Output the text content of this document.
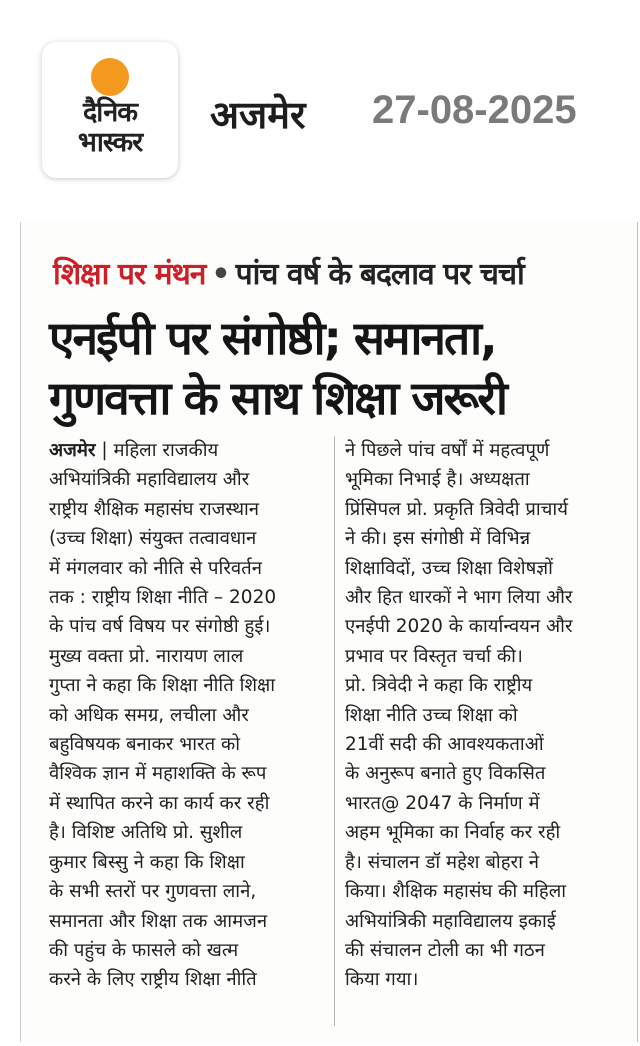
दैनिक
भास्कर
अजमेर 27-08-2025
शिक्षा पर मंथन • पांच वर्ष के बदलाव पर चर्चा
एनईपी पर संगोष्ठी; समानता,
गुणवत्ता के साथ शिक्षा जरूरी
अजमेर | महिला राजकीय
अभियांत्रिकी महाविद्यालय और
राष्ट्रीय शैक्षिक महासंघ राजस्थान
(उच्च शिक्षा) संयुक्त तत्वावधान
में मंगलवार को नीति से परिवर्तन
तक : राष्ट्रीय शिक्षा नीति – 2020
के पांच वर्ष विषय पर संगोष्ठी हुई।
मुख्य वक्ता प्रो. नारायण लाल
गुप्ता ने कहा कि शिक्षा नीति शिक्षा
को अधिक समग्र, लचीला और
बहुविषयक बनाकर भारत को
वैश्विक ज्ञान में महाशक्ति के रूप
में स्थापित करने का कार्य कर रही
है। विशिष्ट अतिथि प्रो. सुशील
कुमार बिस्सु ने कहा कि शिक्षा
के सभी स्तरों पर गुणवत्ता लाने,
समानता और शिक्षा तक आमजन
की पहुंच के फासले को खत्म
करने के लिए राष्ट्रीय शिक्षा नीति
ने पिछले पांच वर्षों में महत्वपूर्ण
भूमिका निभाई है। अध्यक्षता
प्रिंसिपल प्रो. प्रकृति त्रिवेदी प्राचार्य
ने की। इस संगोष्ठी में विभिन्न
शिक्षाविदों, उच्च शिक्षा विशेषज्ञों
और हित धारकों ने भाग लिया और
एनईपी 2020 के कार्यान्वयन और
प्रभाव पर विस्तृत चर्चा की।
प्रो. त्रिवेदी ने कहा कि राष्ट्रीय
शिक्षा नीति उच्च शिक्षा को
21वीं सदी की आवश्यकताओं
के अनुरूप बनाते हुए विकसित
भारत@ 2047 के निर्माण में
अहम भूमिका का निर्वाह कर रही
है। संचालन डॉ महेश बोहरा ने
किया। शैक्षिक महासंघ की महिला
अभियांत्रिकी महाविद्यालय इकाई
की संचालन टोली का भी गठन
किया गया।
